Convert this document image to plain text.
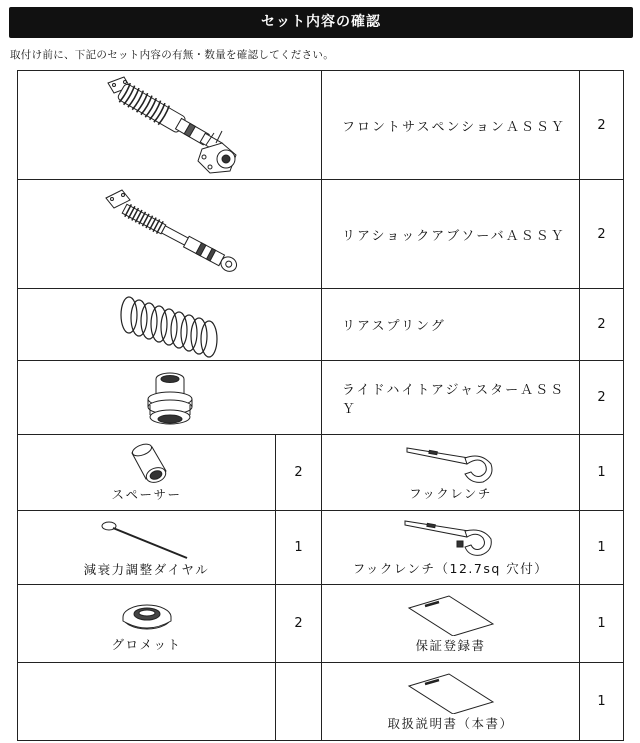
セット内容の確認
取付け前に、下記のセット内容の有無・数量を確認してください。
	フロントサスペンションＡＳＳＹ	2

	リアショックアブソーバＡＳＳＹ	2

	リアスプリング	2

	ライドハイトアジャスターＡＳＳＹ	2

スペーサー	2	フックレンチ	1

減衰力調整ダイヤル	1	フックレンチ（12.7sq 穴付）	1

グロメット	2	保証登録書	1

		取扱説明書（本書）	1
